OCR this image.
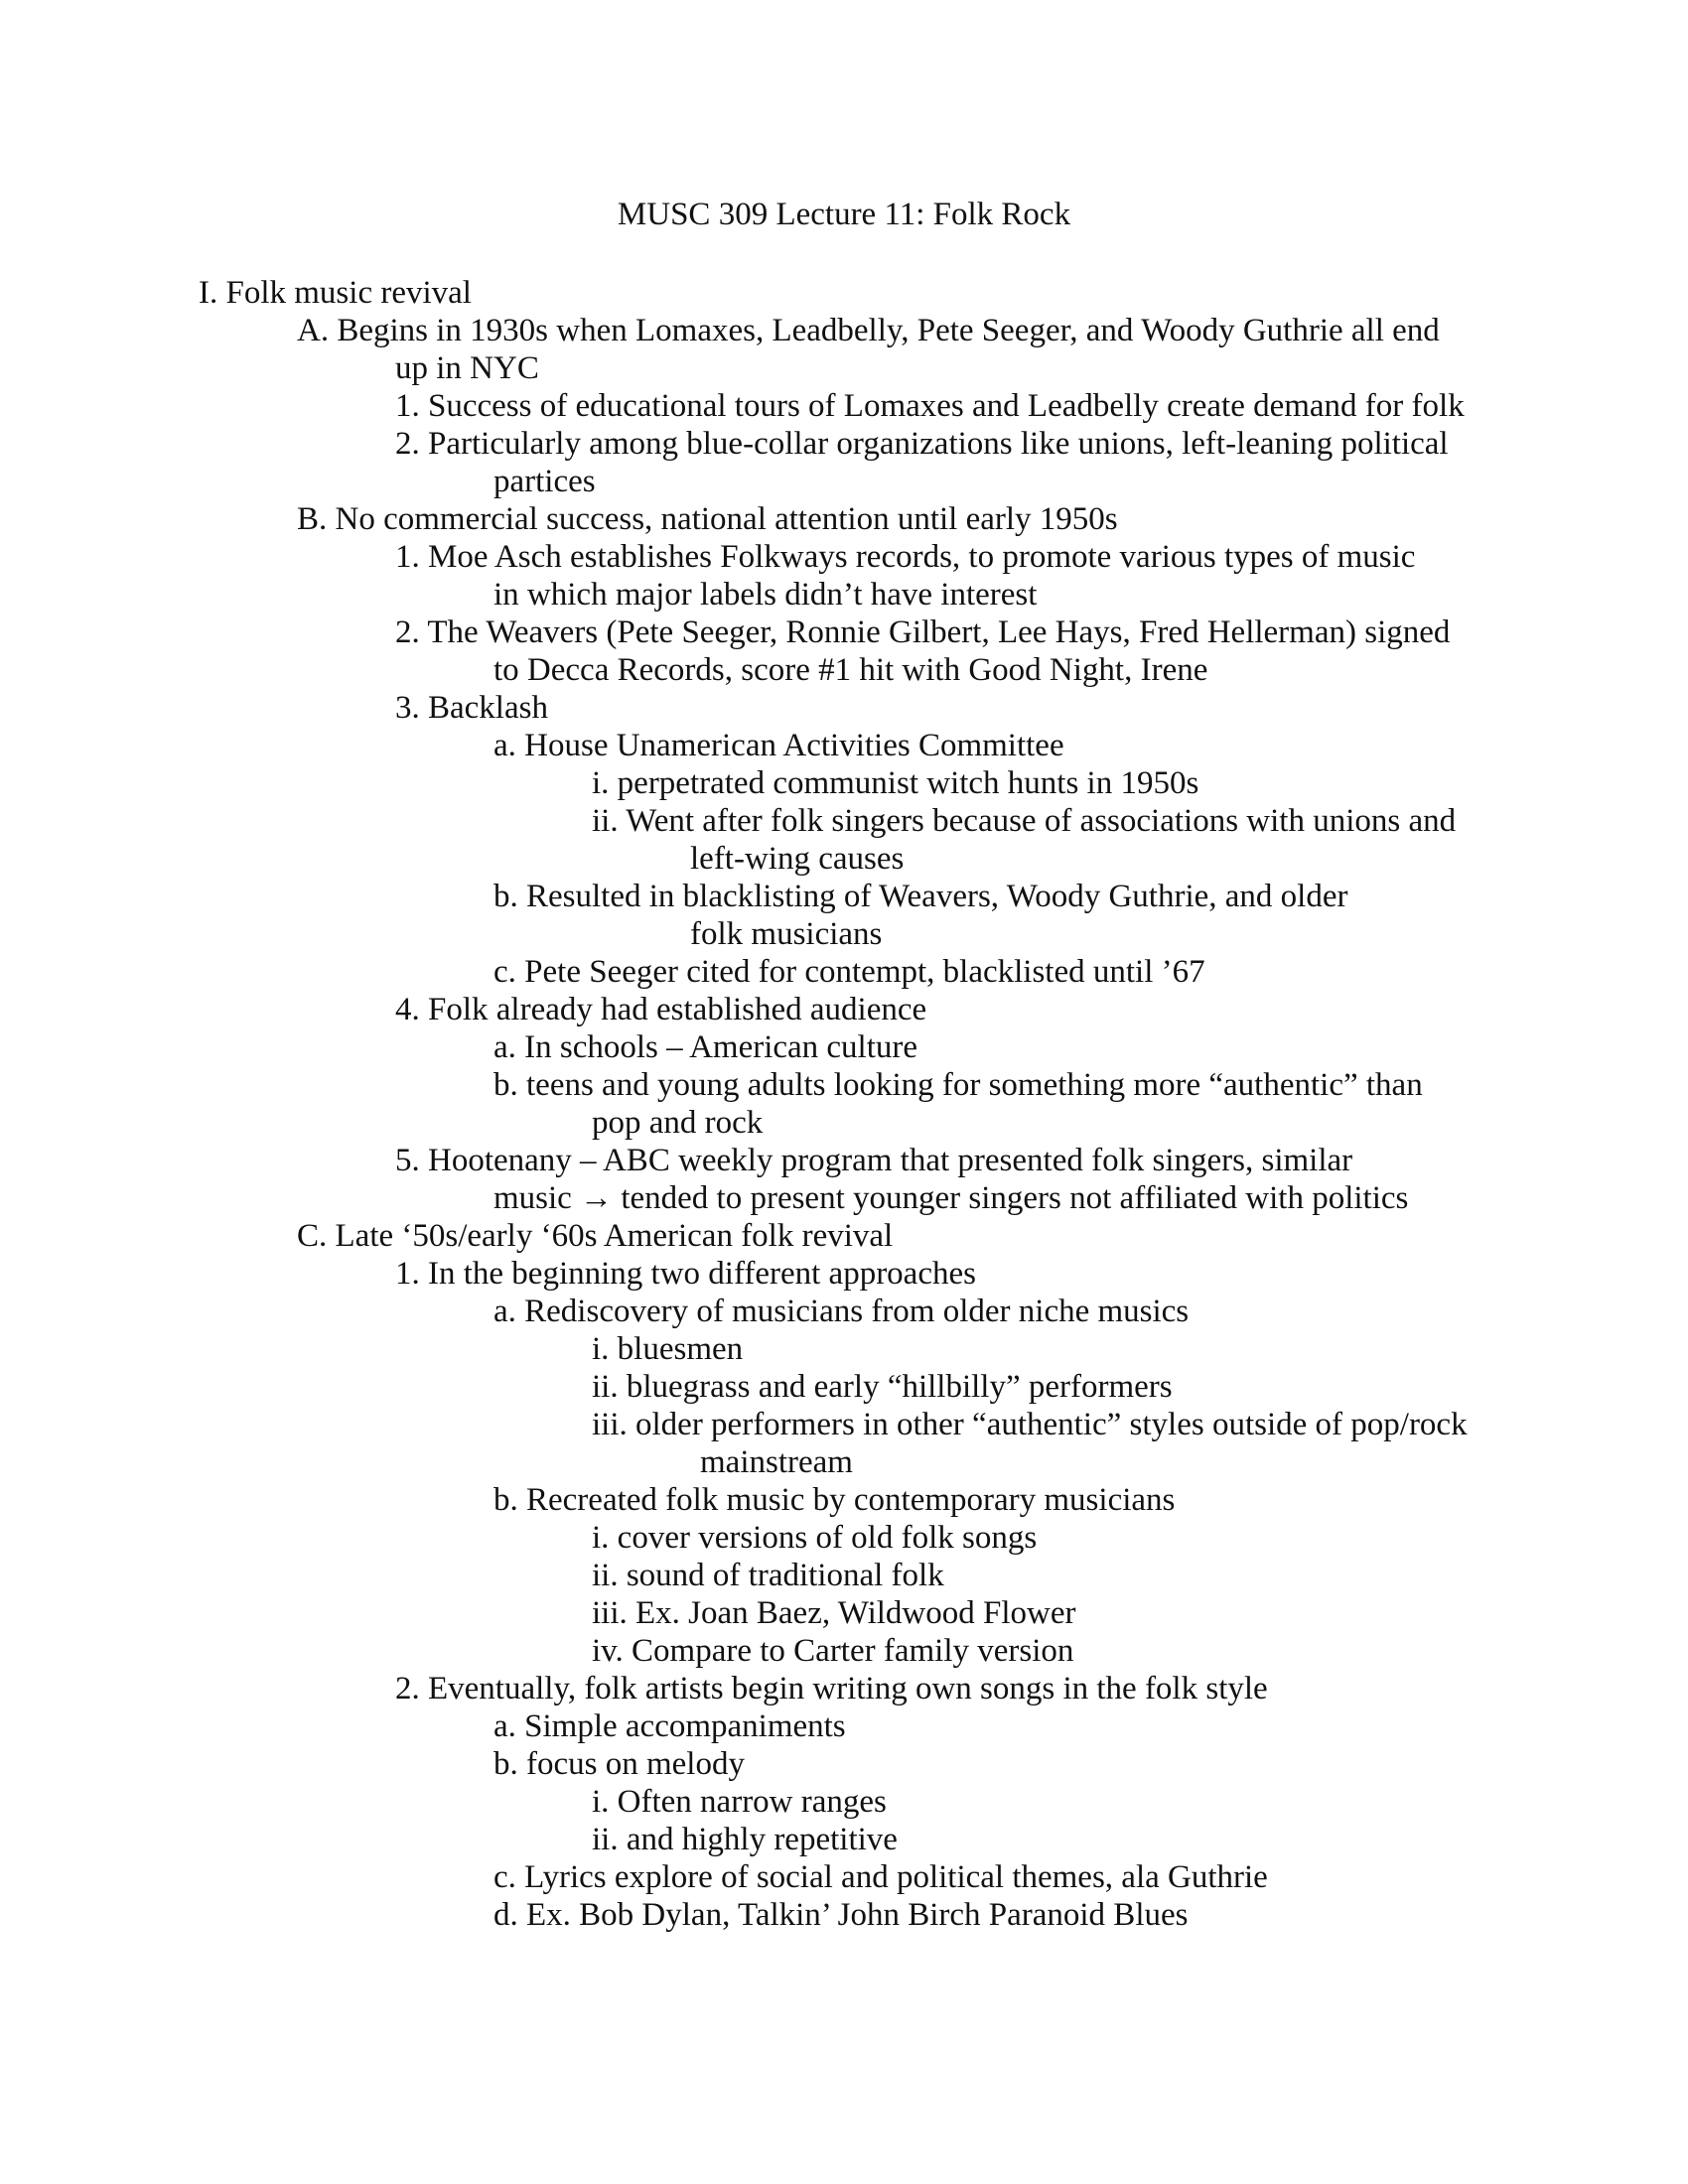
MUSC 309 Lecture 11: Folk Rock
I. Folk music revival
A. Begins in 1930s when Lomaxes, Leadbelly, Pete Seeger, and Woody Guthrie all end
up in NYC
1. Success of educational tours of Lomaxes and Leadbelly create demand for folk
2. Particularly among blue-collar organizations like unions, left-leaning political
partices
B. No commercial success, national attention until early 1950s
1. Moe Asch establishes Folkways records, to promote various types of music
in which major labels didn’t have interest
2. The Weavers (Pete Seeger, Ronnie Gilbert, Lee Hays, Fred Hellerman) signed
to Decca Records, score #1 hit with Good Night, Irene
3. Backlash
a. House Unamerican Activities Committee
i. perpetrated communist witch hunts in 1950s
ii. Went after folk singers because of associations with unions and
left-wing causes
b. Resulted in blacklisting of Weavers, Woody Guthrie, and older
folk musicians
c. Pete Seeger cited for contempt, blacklisted until ’67
4. Folk already had established audience
a. In schools – American culture
b. teens and young adults looking for something more “authentic” than
pop and rock
5. Hootenany – ABC weekly program that presented folk singers, similar
music → tended to present younger singers not affiliated with politics
C. Late ‘50s/early ‘60s American folk revival
1. In the beginning two different approaches
a. Rediscovery of musicians from older niche musics
i. bluesmen
ii. bluegrass and early “hillbilly” performers
iii. older performers in other “authentic” styles outside of pop/rock
mainstream
b. Recreated folk music by contemporary musicians
i. cover versions of old folk songs
ii. sound of traditional folk
iii. Ex. Joan Baez, Wildwood Flower
iv. Compare to Carter family version
2. Eventually, folk artists begin writing own songs in the folk style
a. Simple accompaniments
b. focus on melody
i. Often narrow ranges
ii. and highly repetitive
c. Lyrics explore of social and political themes, ala Guthrie
d. Ex. Bob Dylan, Talkin’ John Birch Paranoid Blues
